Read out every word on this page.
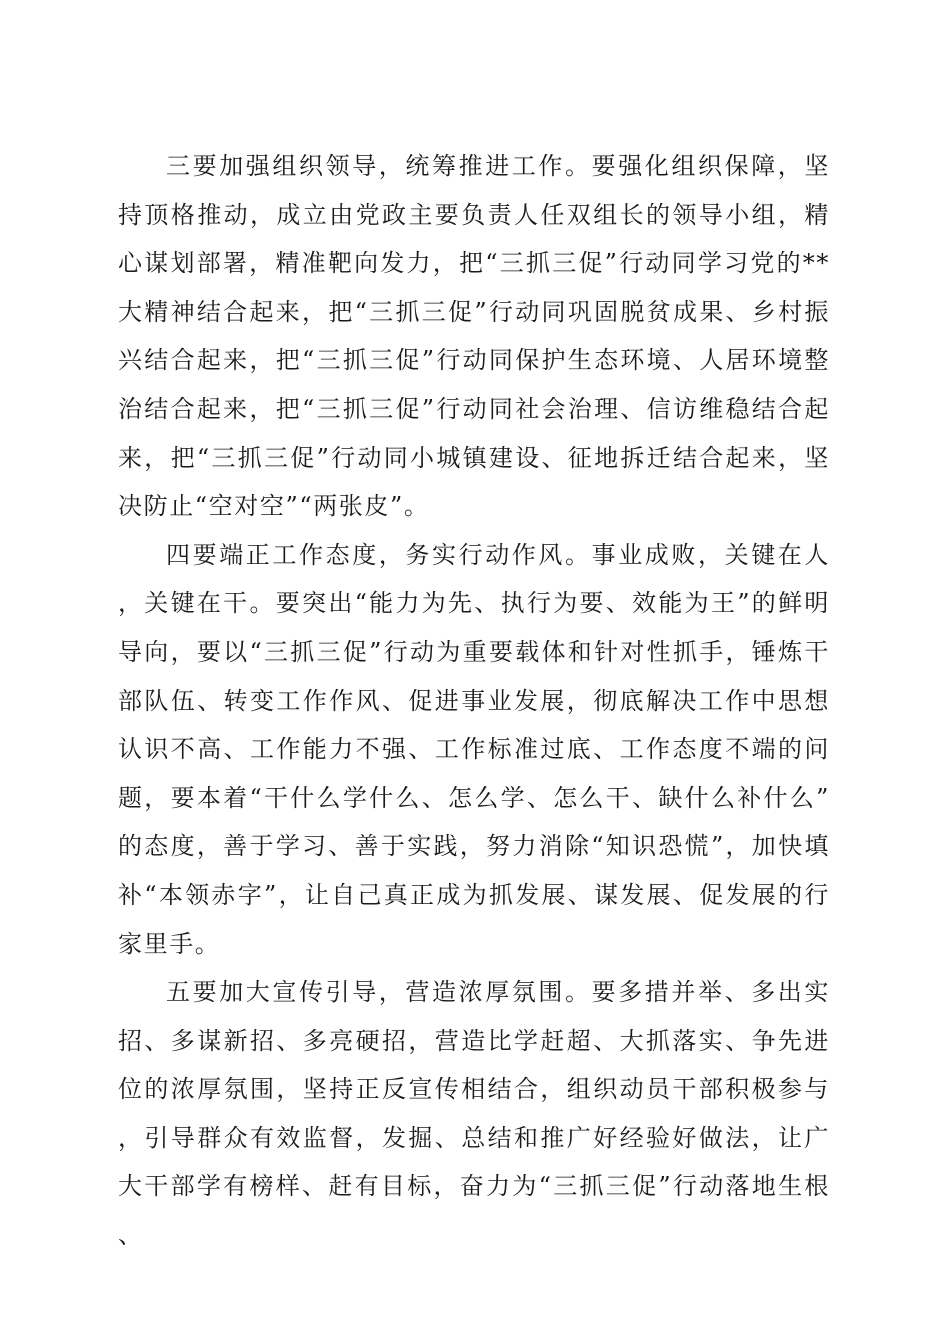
三要加强组织领导，统筹推进工作。要强化组织保障，坚持顶格推动，成立由党政主要负责人任双组长的领导小组，精心谋划部署，精准靶向发力，把“三抓三促”行动同学习党的**大精神结合起来，把“三抓三促”行动同巩固脱贫成果、乡村振兴结合起来，把“三抓三促”行动同保护生态环境、人居环境整治结合起来，把“三抓三促”行动同社会治理、信访维稳结合起来，把“三抓三促”行动同小城镇建设、征地拆迁结合起来，坚决防止“空对空”“两张皮”。

四要端正工作态度，务实行动作风。事业成败，关键在人，关键在干。要突出“能力为先、执行为要、效能为王”的鲜明导向，要以“三抓三促”行动为重要载体和针对性抓手，锤炼干部队伍、转变工作作风、促进事业发展，彻底解决工作中思想认识不高、工作能力不强、工作标准过底、工作态度不端的问题，要本着“干什么学什么、怎么学、怎么干、缺什么补什么”的态度，善于学习、善于实践，努力消除“知识恐慌”，加快填补“本领赤字”，让自己真正成为抓发展、谋发展、促发展的行家里手。

五要加大宣传引导，营造浓厚氛围。要多措并举、多出实招、多谋新招、多亮硬招，营造比学赶超、大抓落实、争先进位的浓厚氛围，坚持正反宣传相结合，组织动员干部积极参与，引导群众有效监督，发掘、总结和推广好经验好做法，让广大干部学有榜样、赶有目标，奋力为“三抓三促”行动落地生根、
